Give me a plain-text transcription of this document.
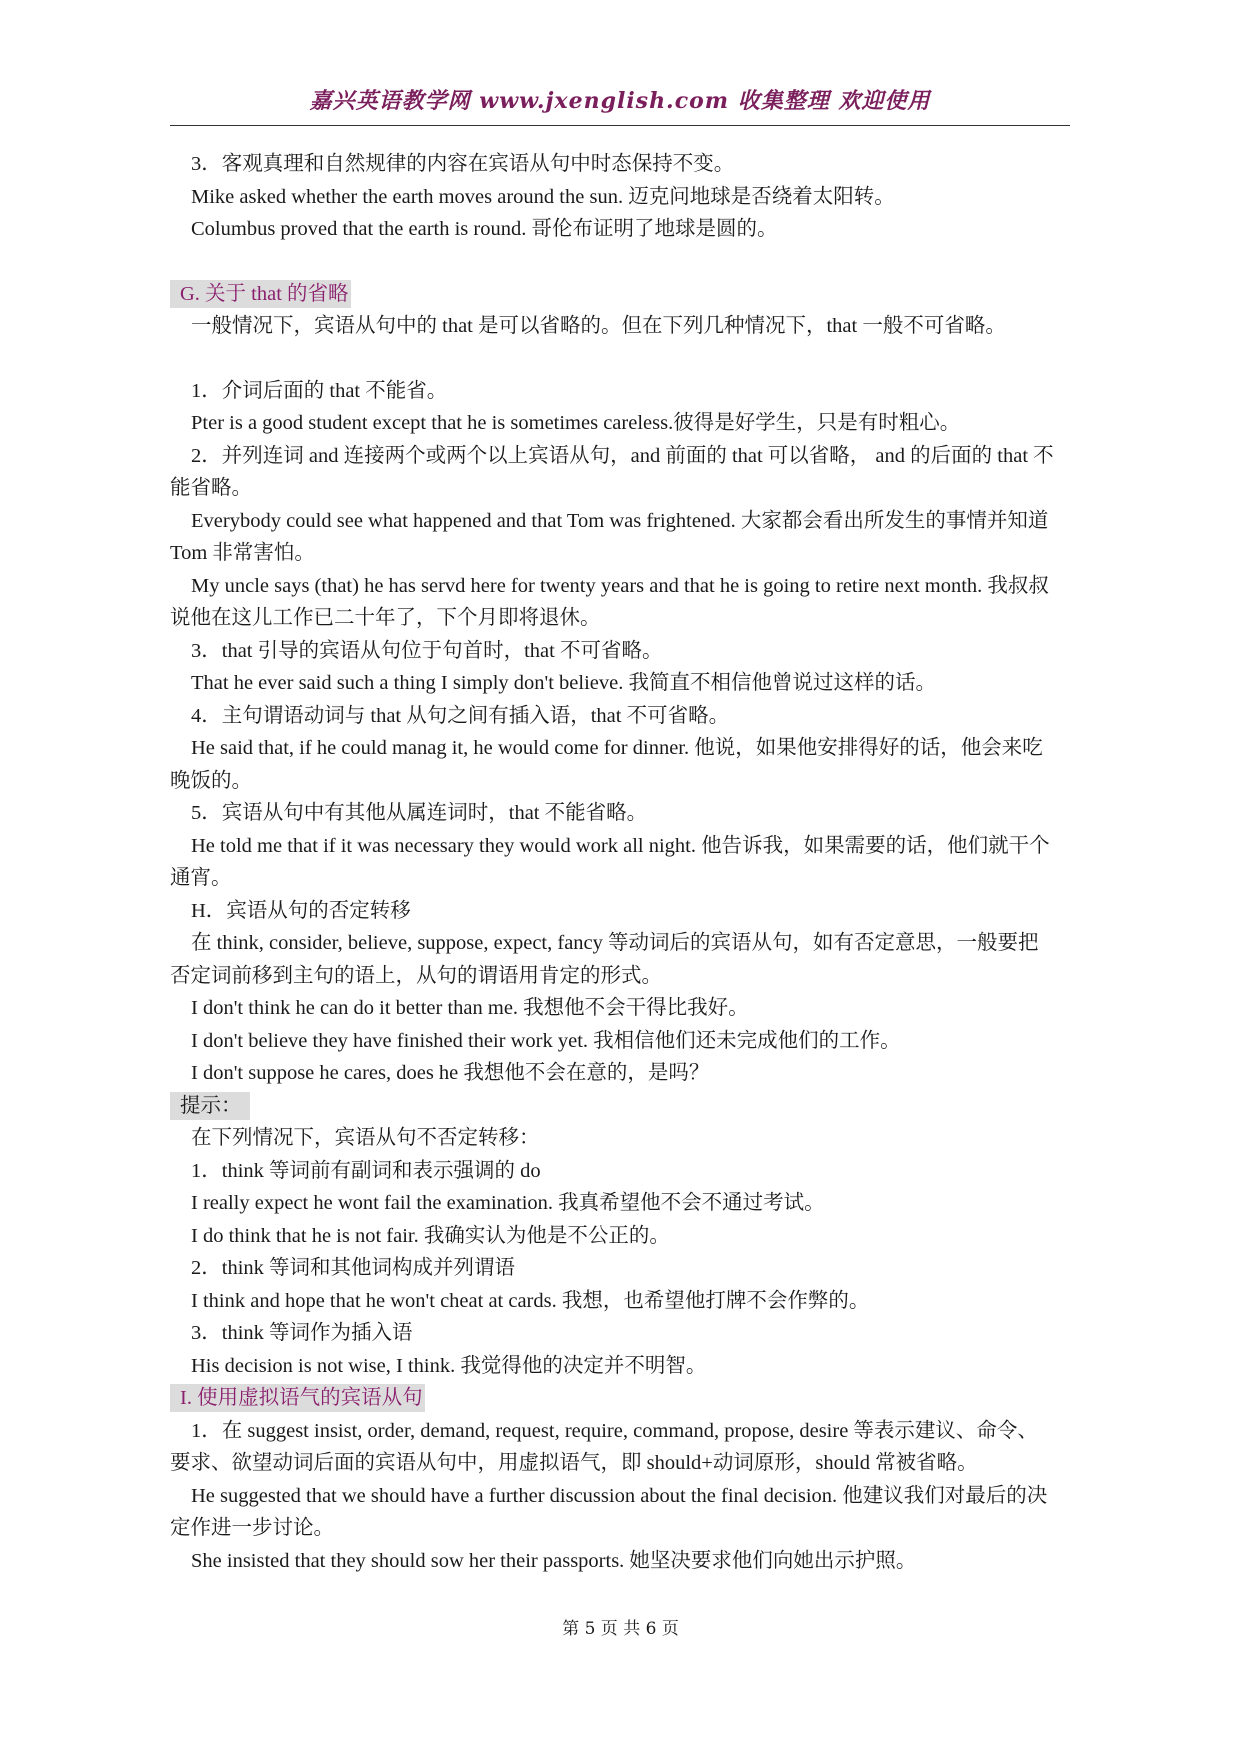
嘉兴英语教学网 www.jxenglish.com 收集整理 欢迎使用

3．客观真理和自然规律的内容在宾语从句中时态保持不变。

Mike asked whether the earth moves around the sun. 迈克问地球是否绕着太阳转。

Columbus proved that the earth is round. 哥伦布证明了地球是圆的。

G. 关于 that 的省略

一般情况下，宾语从句中的 that 是可以省略的。但在下列几种情况下，that 一般不可省略。

1．介词后面的 that 不能省。

Pter is a good student except that he is sometimes careless.彼得是好学生，只是有时粗心。

2．并列连词 and 连接两个或两个以上宾语从句，and 前面的 that 可以省略， and 的后面的 that 不

能省略。

Everybody could see what happened and that Tom was frightened. 大家都会看出所发生的事情并知道

Tom 非常害怕。

My uncle says (that) he has servd here for twenty years and that he is going to retire next month. 我叔叔

说他在这儿工作已二十年了，下个月即将退休。

3．that 引导的宾语从句位于句首时，that 不可省略。

That he ever said such a thing I simply don't believe. 我简直不相信他曾说过这样的话。

4．主句谓语动词与 that 从句之间有插入语，that 不可省略。

He said that, if he could manag it, he would come for dinner. 他说，如果他安排得好的话，他会来吃

晚饭的。

5．宾语从句中有其他从属连词时，that 不能省略。

He told me that if it was necessary they would work all night. 他告诉我，如果需要的话，他们就干个

通宵。

H．宾语从句的否定转移

在 think, consider, believe, suppose, expect, fancy 等动词后的宾语从句，如有否定意思，一般要把

否定词前移到主句的语上，从句的谓语用肯定的形式。

I don't think he can do it better than me. 我想他不会干得比我好。

I don't believe they have finished their work yet. 我相信他们还未完成他们的工作。

I don't suppose he cares, does he 我想他不会在意的，是吗？

提示：

在下列情况下，宾语从句不否定转移：

1．think 等词前有副词和表示强调的 do

I really expect he wont fail the examination. 我真希望他不会不通过考试。

I do think that he is not fair. 我确实认为他是不公正的。

2．think 等词和其他词构成并列谓语

I think and hope that he won't cheat at cards. 我想，也希望他打牌不会作弊的。

3．think 等词作为插入语

His decision is not wise, I think. 我觉得他的决定并不明智。

I. 使用虚拟语气的宾语从句

1．在 suggest insist, order, demand, request, require, command, propose, desire 等表示建议、命令、

要求、欲望动词后面的宾语从句中，用虚拟语气，即 should+动词原形，should 常被省略。

He suggested that we should have a further discussion about the final decision. 他建议我们对最后的决

定作进一步讨论。

She insisted that they should sow her their passports. 她坚决要求他们向她出示护照。

第 5 页 共 6 页
